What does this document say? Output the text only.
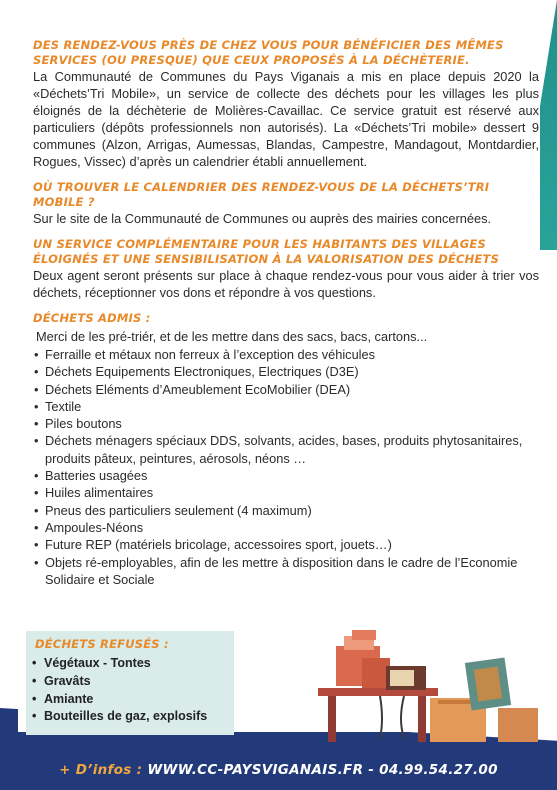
DES RENDEZ-VOUS PRÈS DE CHEZ VOUS POUR BÉNÉFICIER DES MÊMES SERVICES (OU PRESQUE) QUE CEUX PROPOSÉS À LA DÉCHÈTERIE.

La Communauté de Communes du Pays Viganais a mis en place depuis 2020 la «Déchets’Tri Mobile», un service de collecte des déchets pour les villages les plus éloignés de la déchèterie de Molières-Cavaillac. Ce service gratuit est réservé aux particuliers (dépôts professionnels non autorisés). La «Déchets’Tri mobile» dessert 9 communes (Alzon, Arrigas, Aumessas, Blandas, Campestre, Mandagout, Montdardier, Rogues, Vissec) d’après un calendrier établi annuellement.

OÙ TROUVER LE CALENDRIER DES RENDEZ-VOUS DE LA DÉCHETS’TRI MOBILE ?

Sur le site de la Communauté de Communes ou auprès des mairies concernées.

UN SERVICE COMPLÉMENTAIRE POUR LES HABITANTS DES VILLAGES ÉLOIGNÉS ET UNE SENSIBILISATION À LA VALORISATION DES DÉCHETS

Deux agent seront présents sur place à chaque rendez-vous pour vous aider à trier vos déchets, réceptionner vos dons et répondre à vos questions.

DÉCHETS ADMIS :
Merci de les pré-triér, et de les mettre dans des sacs, bacs, cartons...
• Ferraille et métaux non ferreux à l’exception des véhicules
• Déchets Equipements Electroniques, Electriques (D3E)
• Déchets Eléments d’Ameublement EcoMobilier (DEA)
• Textile
• Piles boutons
• Déchets ménagers spéciaux DDS, solvants, acides, bases, produits phytosanitaires, produits pâteux, peintures, aérosols, néons …
• Batteries usagées
• Huiles alimentaires
• Pneus des particuliers seulement (4 maximum)
• Ampoules-Néons
• Future REP (matériels bricolage, accessoires sport, jouets…)
• Objets ré-employables, afin de les mettre à disposition dans le cadre de l’Economie Solidaire et Sociale
DÉCHETS REFUSÉS :
• Végétaux - Tontes
• Gravâts
• Amiante
• Bouteilles de gaz, explosifs
+ D’infos : WWW.CC-PAYSVIGANAIS.FR - 04.99.54.27.00
